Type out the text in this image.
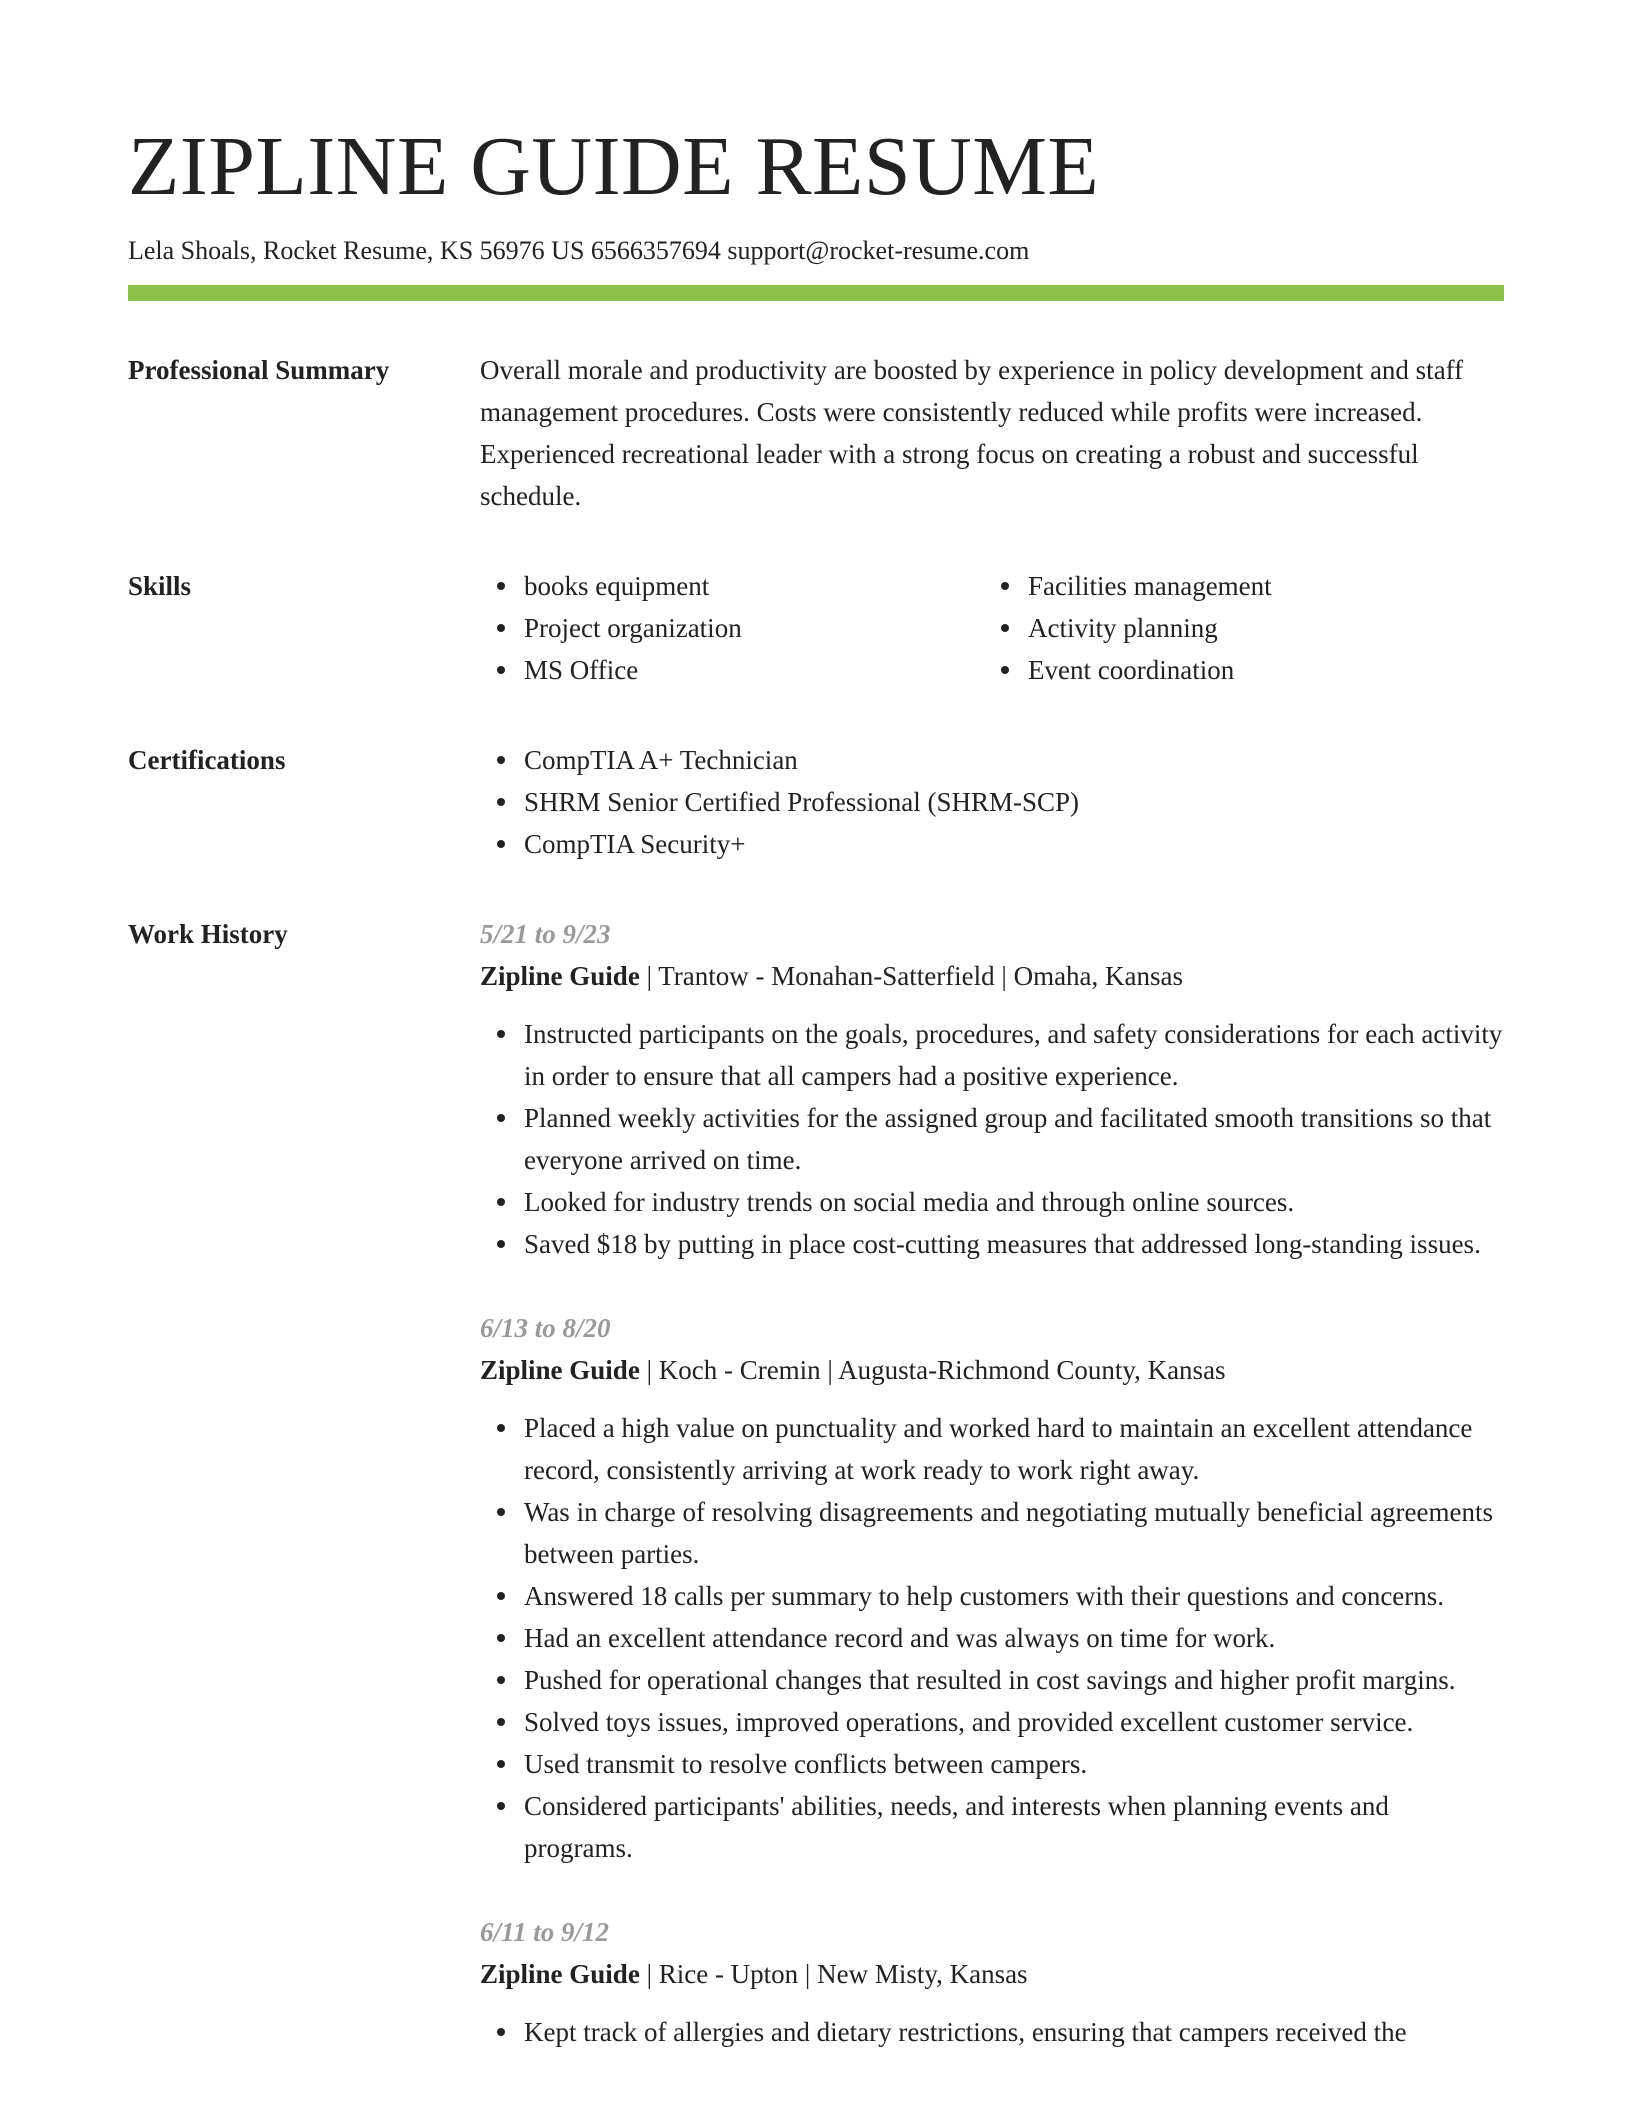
ZIPLINE GUIDE RESUME
Lela Shoals, Rocket Resume, KS 56976 US 6566357694 support@rocket-resume.com
Professional Summary	Overall morale and productivity are boosted by experience in policy development and staff management procedures. Costs were consistently reduced while profits were increased. Experienced recreational leader with a strong focus on creating a robust and successful schedule.

Skills	books equipment
Project organization
MS Office
Facilities management
Activity planning
Event coordination
Certifications	CompTIA A+ Technician
SHRM Senior Certified Professional (SHRM-SCP)
CompTIA Security+
Work History	5/21 to 9/23
Zipline Guide | Trantow - Monahan-Satterfield | Omaha, Kansas
Instructed participants on the goals, procedures, and safety considerations for each activity in order to ensure that all campers had a positive experience.
Planned weekly activities for the assigned group and facilitated smooth transitions so that everyone arrived on time.
Looked for industry trends on social media and through online sources.
Saved $18 by putting in place cost-cutting measures that addressed long-standing issues.
6/13 to 8/20
Zipline Guide | Koch - Cremin | Augusta-Richmond County, Kansas
Placed a high value on punctuality and worked hard to maintain an excellent attendance record, consistently arriving at work ready to work right away.
Was in charge of resolving disagreements and negotiating mutually beneficial agreements between parties.
Answered 18 calls per summary to help customers with their questions and concerns.
Had an excellent attendance record and was always on time for work.
Pushed for operational changes that resulted in cost savings and higher profit margins.
Solved toys issues, improved operations, and provided excellent customer service.
Used transmit to resolve conflicts between campers.
Considered participants' abilities, needs, and interests when planning events and programs.
6/11 to 9/12
Zipline Guide | Rice - Upton | New Misty, Kansas
Kept track of allergies and dietary restrictions, ensuring that campers received the
